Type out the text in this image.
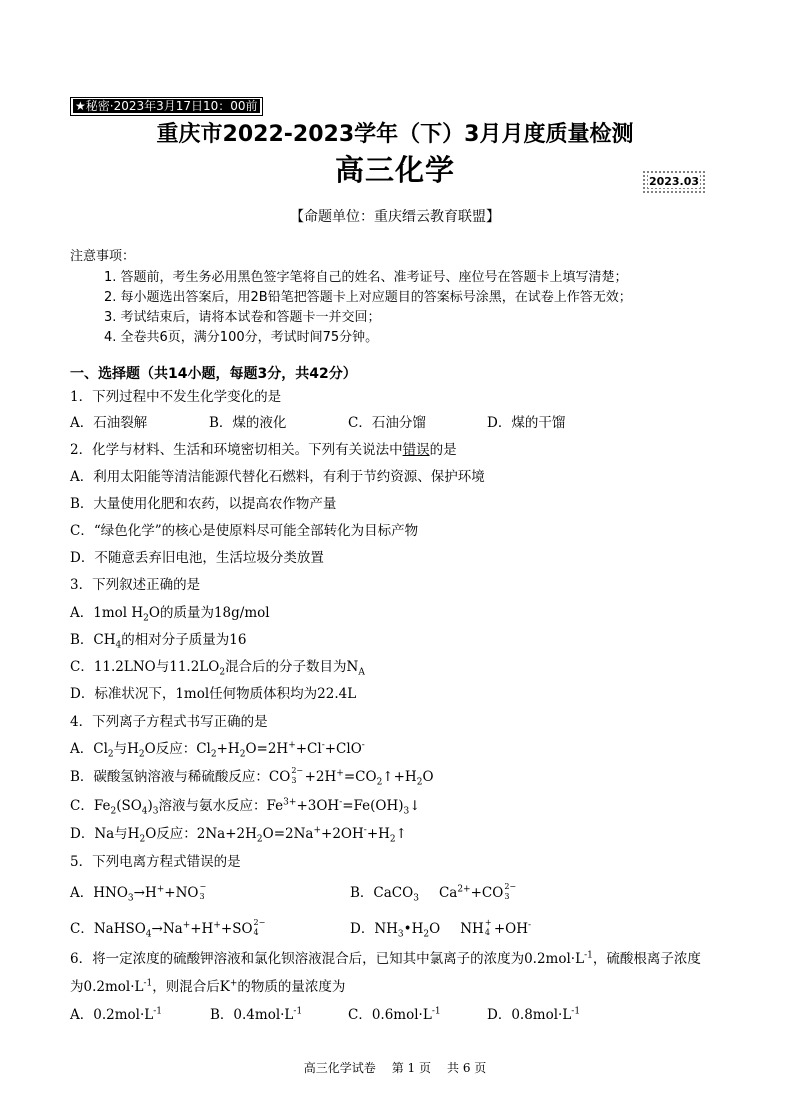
★秘密·2023年3月17日10：00前
重庆市2022-2023学年（下）3月月度质量检测
高三化学	2023.03
【命题单位：重庆缙云教育联盟】
注意事项：
1. 答题前，考生务必用黑色签字笔将自己的姓名、准考证号、座位号在答题卡上填写清楚；
2. 每小题选出答案后，用2B铅笔把答题卡上对应题目的答案标号涂黑，在试卷上作答无效；
3. 考试结束后，请将本试卷和答题卡一并交回；
4. 全卷共6页，满分100分，考试时间75分钟。
一、选择题（共14小题，每题3分，共42分）
1．下列过程中不发生化学变化的是
A．石油裂解	B．煤的液化	C．石油分馏	D．煤的干馏
2．化学与材料、生活和环境密切相关。下列有关说法中错误的是
A．利用太阳能等清洁能源代替化石燃料，有利于节约资源、保护环境
B．大量使用化肥和农药，以提高农作物产量
C．“绿色化学”的核心是使原料尽可能全部转化为目标产物
D．不随意丢弃旧电池，生活垃圾分类放置
3．下列叙述正确的是
A．1mol $H_2O$的质量为18g/mol
B．$CH_4$的相对分子质量为16
C．11.2LNO与$11.2LO_2$混合后的分子数目为$N_A$
D．标准状况下，1mol任何物质体积均为22.4L
4．下列离子方程式书写正确的是
A．$Cl_2$与$H_2O$反应：$Cl_2+H_2O=2H^++Cl^-+ClO^-$
B．碳酸氢钠溶液与稀硫酸反应：CO 2−
$3 +2H^+=CO_2↑+H_2O$
C．$Fe_2(SO_4)_3$溶液与氨水反应：$Fe^{3+}+3OH^-=Fe(OH)_3↓$
D．Na与$H_2O$反应：$2Na+2H_2O=2Na^++2OH^-+H_2↑$
5．下列电离方程式错误的是
A．$HNO_3\to H^++NO$ −
3	B．CaCO$_3$ $Ca^{2+}+CO$ 2−
3
C．NaHSO$_4$→Na++H++SO 2−
4	D．$NH_3•H_2O$ NH +
4 +OH-
6．将一定浓度的硫酸钾溶液和氯化钡溶液混合后，已知其中氯离子的浓度为$0.2mol\cdot L^{-1}$，硫酸根离子浓度
为$0.2mol\cdot L^{-1}$，则混合后K+的物质的量浓度为
A．$0.2mol\cdot L^{-1}$	B．$0.4mol\cdot L^{-1}$	C．$0.6mol\cdot L^{-1}$	D．$0.8mol\cdot L^{-1}$
高三化学试卷 第 1 页 共 6 页
